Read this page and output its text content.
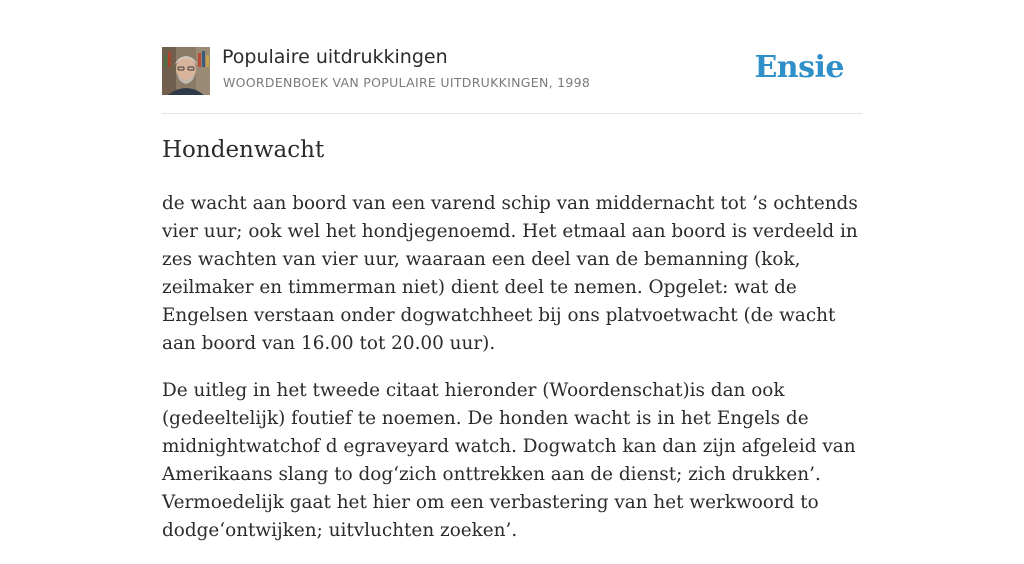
Populaire uitdrukkingen
WOORDENBOEK VAN POPULAIRE UITDRUKKINGEN, 1998	Ensie
Hondenwacht

de wacht aan boord van een varend schip van middernacht tot ’s ochtends vier uur; ook wel het hondjegenoemd. Het etmaal aan boord is verdeeld in zes wachten van vier uur, waaraan een deel van de bemanning (kok, zeilmaker en timmerman niet) dient deel te nemen. Opgelet: wat de Engelsen verstaan onder dogwatchheet bij ons platvoetwacht (de wacht aan boord van 16.00 tot 20.00 uur).

De uitleg in het tweede citaat hieronder (Woordenschat)is dan ook (gedeeltelijk) foutief te noemen. De honden wacht is in het Engels de midnightwatchof d egraveyard watch. Dogwatch kan dan zijn afgeleid van Amerikaans slang to dog‘zich onttrekken aan de dienst; zich drukken’. Vermoedelijk gaat het hier om een verbastering van het werkwoord to dodge‘ontwijken; uitvluchten zoeken’.
